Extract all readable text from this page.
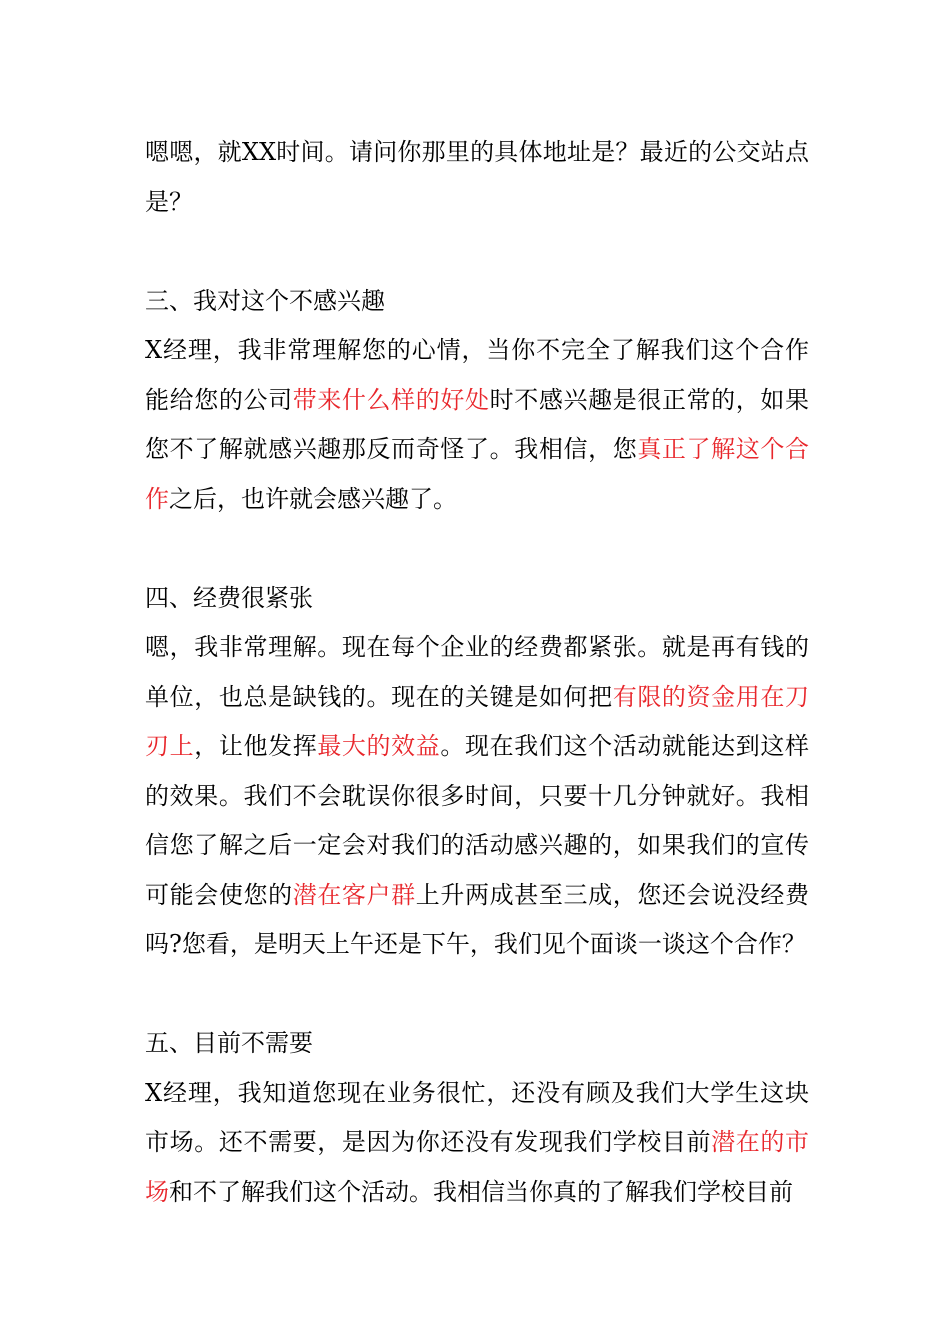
嗯嗯，就XX时间。请问你那里的具体地址是？最近的公交站点是？

三、我对这个不感兴趣

X经理，我非常理解您的心情，当你不完全了解我们这个合作能给您的公司带来什么样的好处时不感兴趣是很正常的，如果您不了解就感兴趣那反而奇怪了。我相信，您真正了解这个合作之后，也许就会感兴趣了。

四、经费很紧张

嗯，我非常理解。现在每个企业的经费都紧张。就是再有钱的单位，也总是缺钱的。现在的关键是如何把有限的资金用在刀刃上，让他发挥最大的效益。现在我们这个活动就能达到这样的效果。我们不会耽误你很多时间，只要十几分钟就好。我相信您了解之后一定会对我们的活动感兴趣的，如果我们的宣传可能会使您的潜在客户群上升两成甚至三成，您还会说没经费吗?您看，是明天上午还是下午，我们见个面谈一谈这个合作？

五、目前不需要

X经理，我知道您现在业务很忙，还没有顾及我们大学生这块市场。还不需要，是因为你还没有发现我们学校目前潜在的市场和不了解我们这个活动。我相信当你真的了解我们学校目前
